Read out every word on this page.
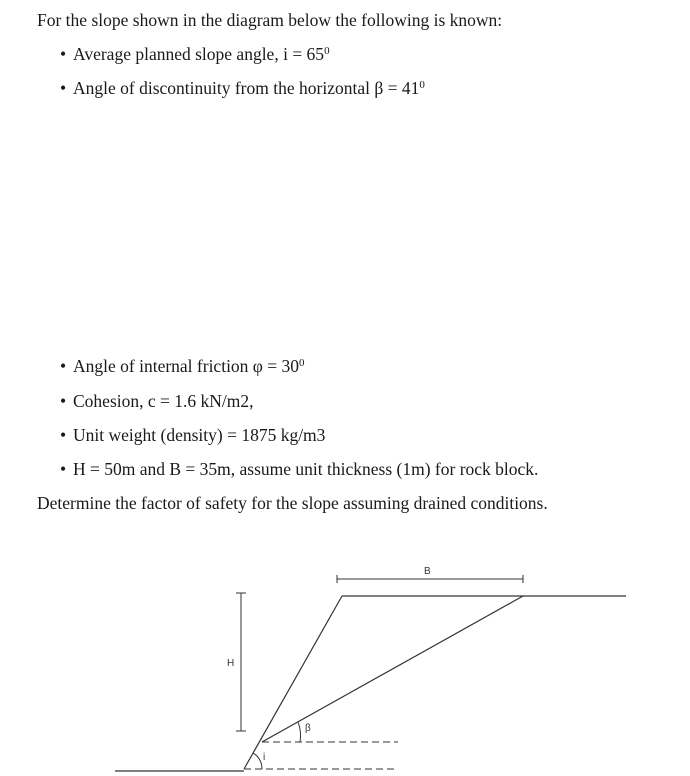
For the slope shown in the diagram below the following is known:
• Average planned slope angle, $i = 65^0$
• Angle of discontinuity from the horizontal $\beta = 41^0$
• Angle of internal friction $\varphi = 30^0$
• Cohesion, c = 1.6 kN/m2,
• Unit weight (density) = 1875 kg/m3
• H = 50m and B = 35m, assume unit thickness (1m) for rock block.
Determine the factor of safety for the slope assuming drained conditions.
B
H
β
i
